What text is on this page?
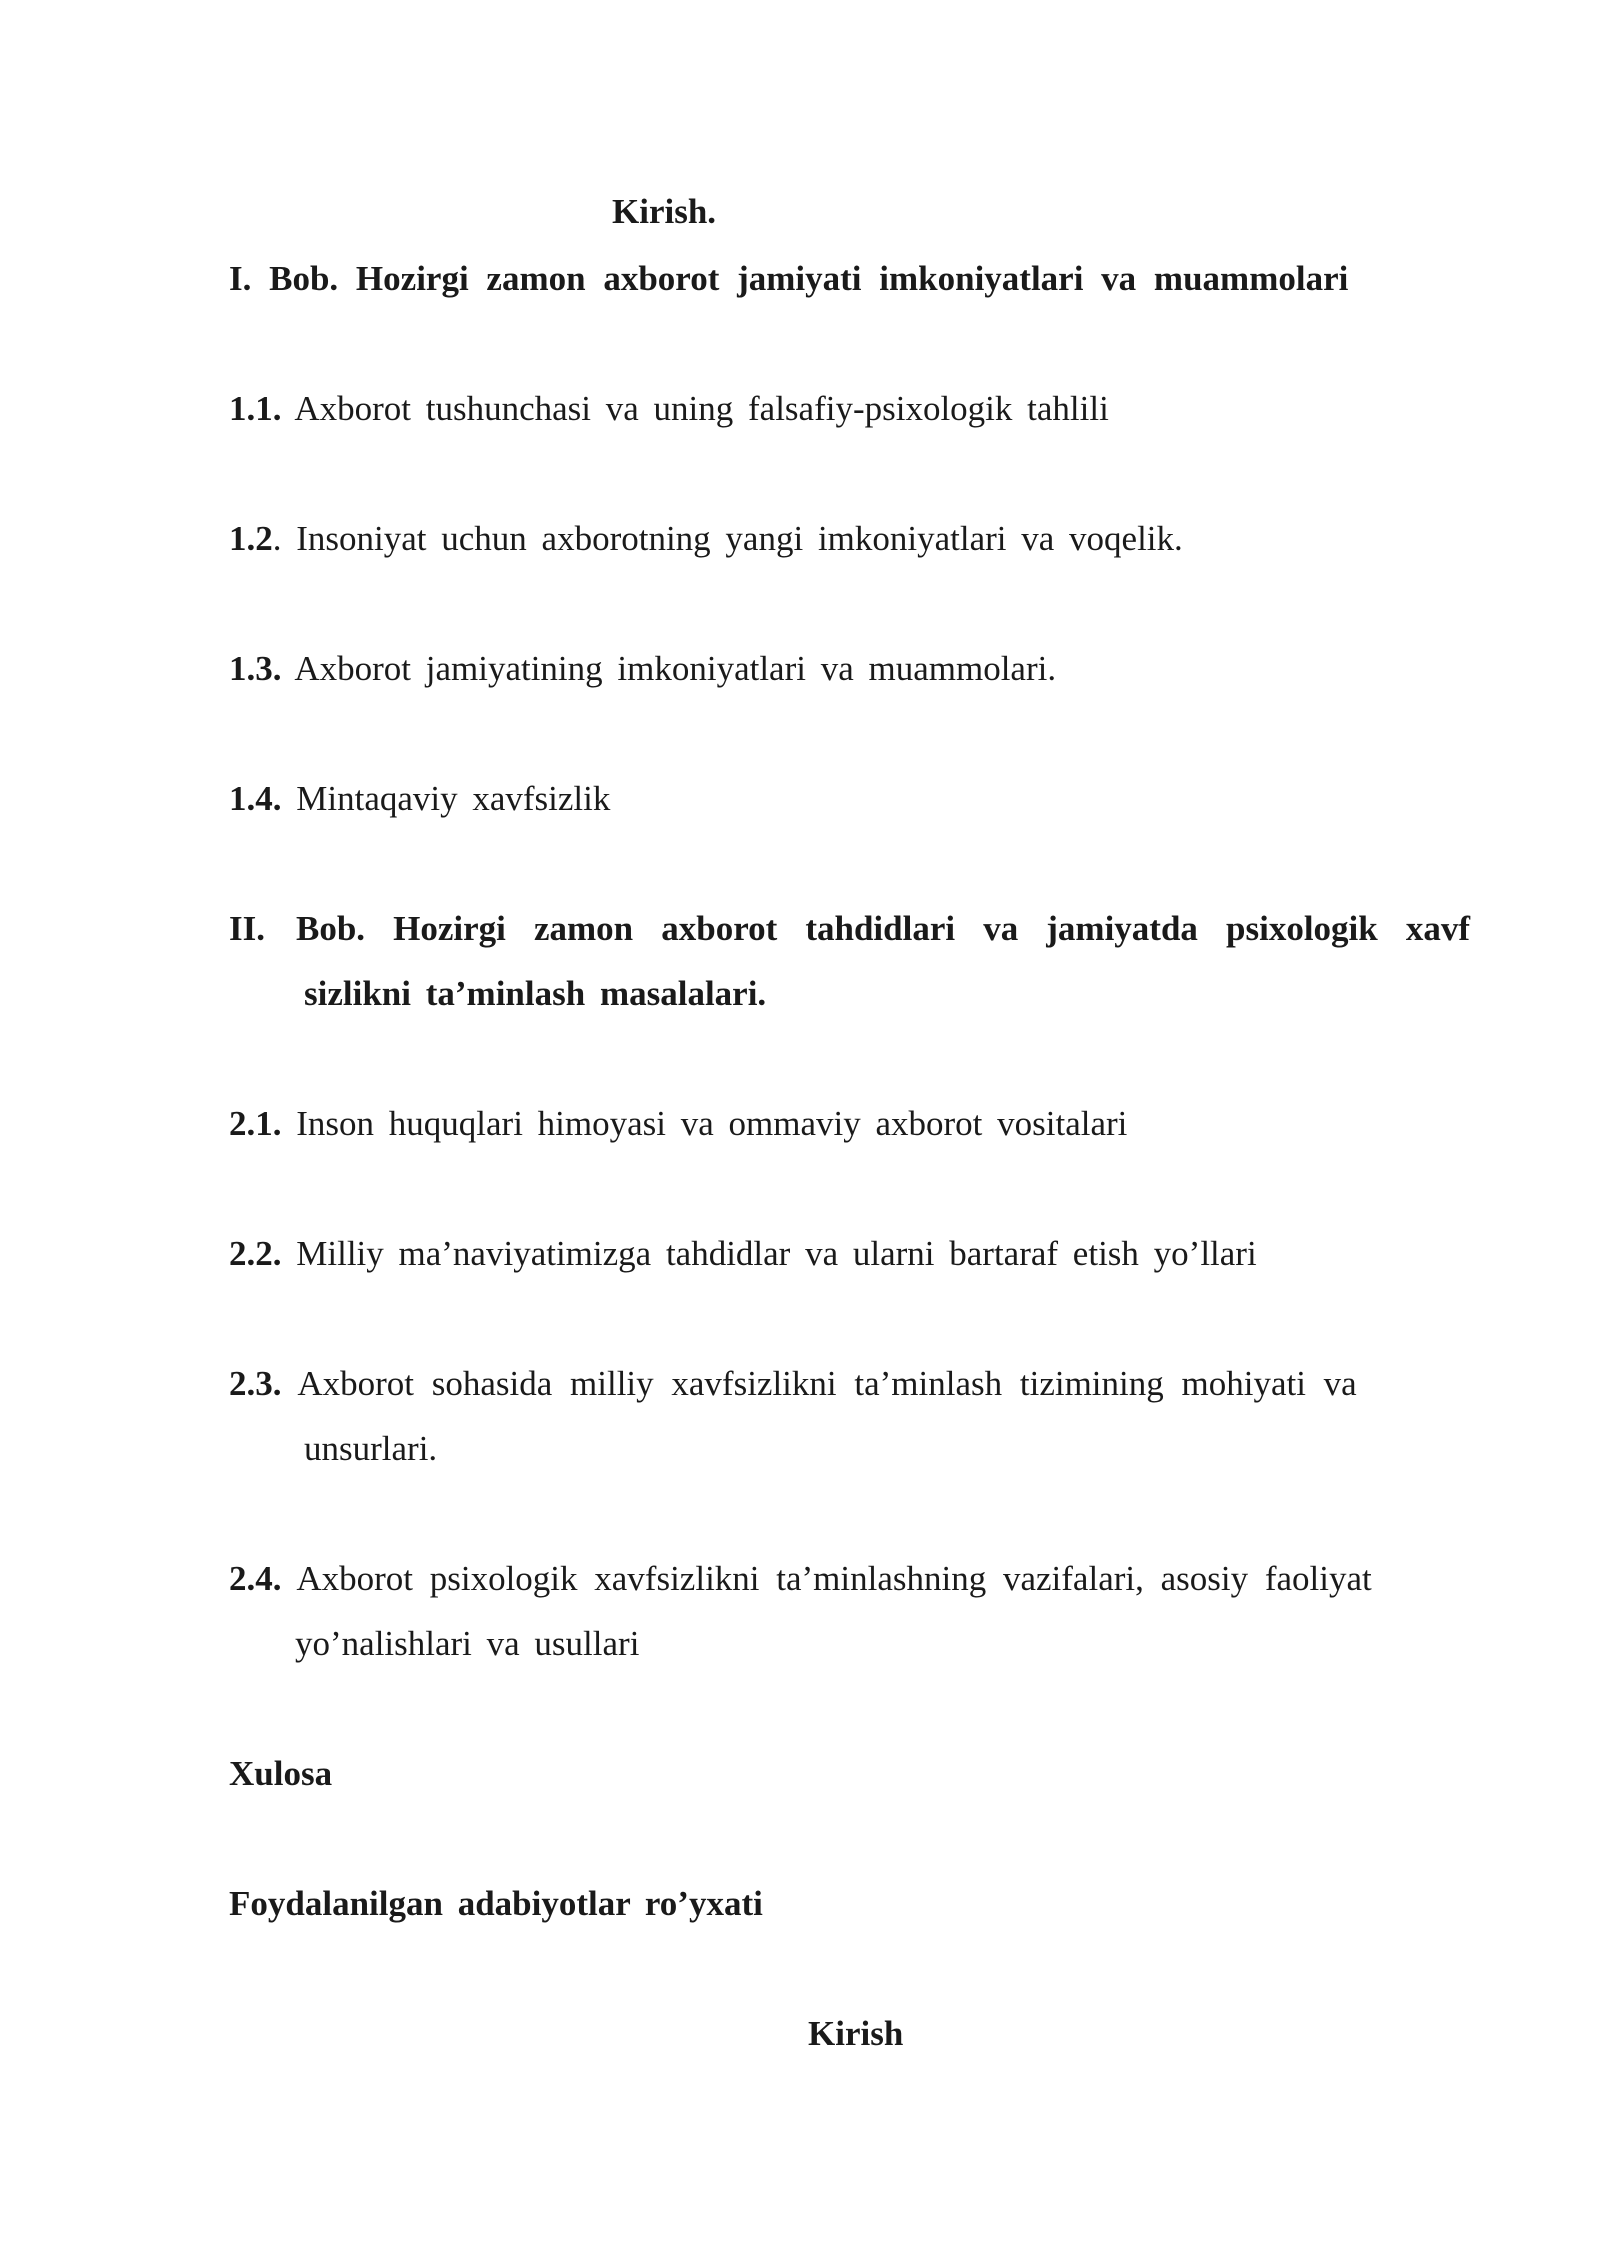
Kirish.
I. Bob. Hozirgi zamon axborot jamiyati imkoniyatlari va muammolari
1.1. Axborot tushunchasi va uning falsafiy-psixologik tahlili
1.2. Insoniyat uchun axborotning yangi imkoniyatlari va voqelik.
1.3. Axborot jamiyatining imkoniyatlari va muammolari.
1.4. Mintaqaviy xavfsizlik
II. Bob. Hozirgi zamon axborot tahdidlari va jamiyatda psixologik xavf
sizlikni ta’minlash masalalari.
2.1. Inson huquqlari himoyasi va ommaviy axborot vositalari
2.2. Milliy ma’naviyatimizga tahdidlar va ularni bartaraf etish yo’llari
2.3. Axborot sohasida milliy xavfsizlikni ta’minlash tizimining mohiyati va
unsurlari.
2.4. Axborot psixologik xavfsizlikni ta’minlashning vazifalari, asosiy faoliyat
yo’nalishlari va usullari
Xulosa
Foydalanilgan adabiyotlar ro’yxati
Kirish
